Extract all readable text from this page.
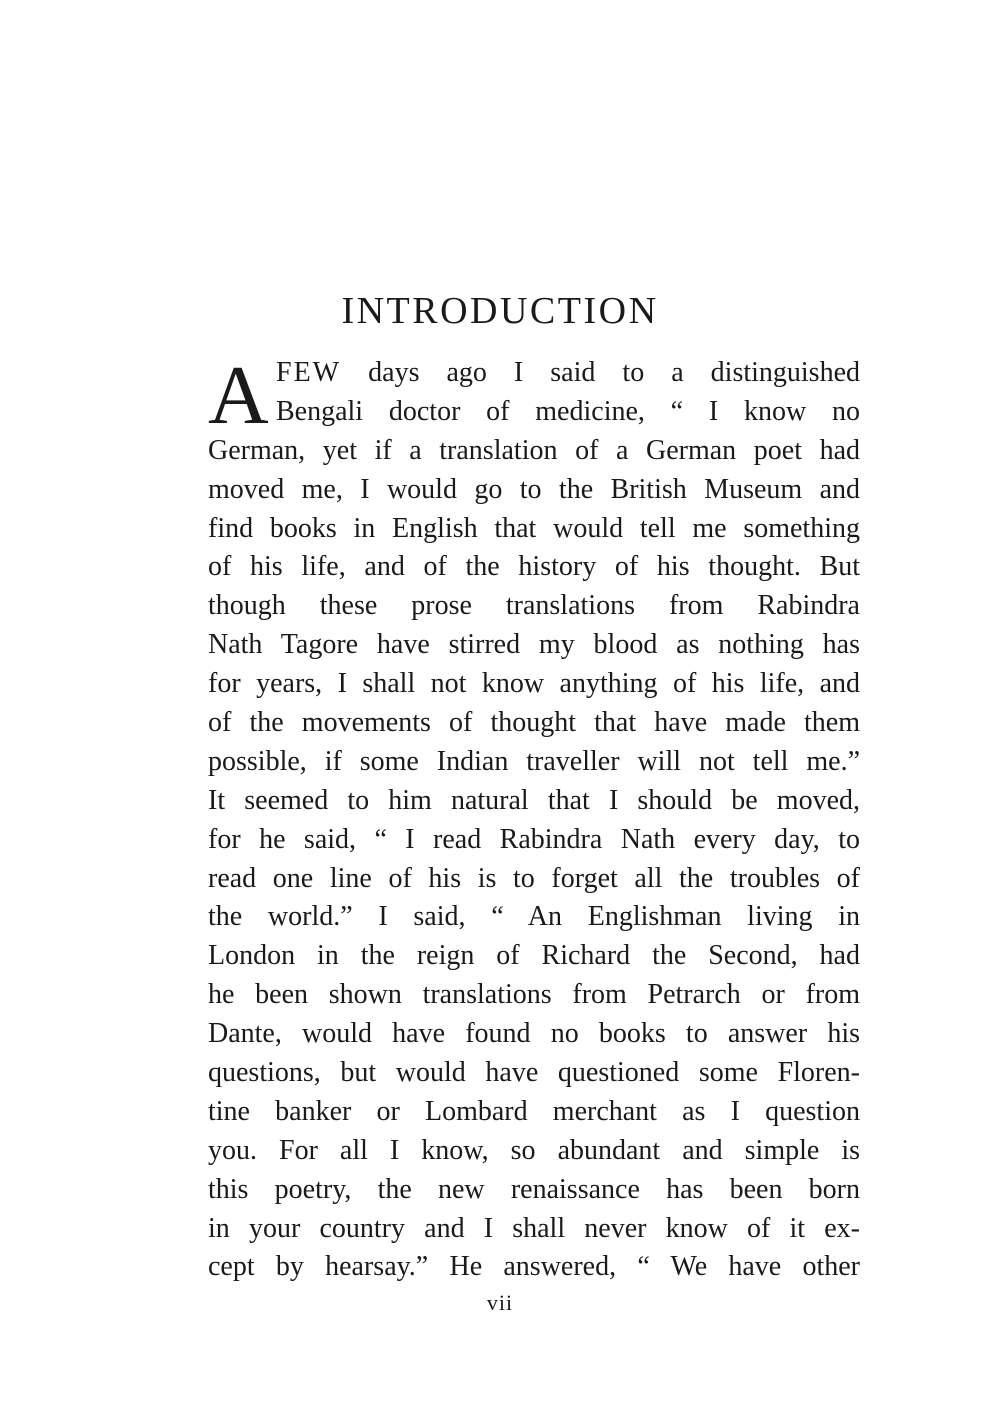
INTRODUCTION
A FEW days ago I said to a distinguished
Bengali doctor of medicine, “ I know no
German, yet if a translation of a German poet had
moved me, I would go to the British Museum and
find books in English that would tell me something
of his life, and of the history of his thought. But
though these prose translations from Rabindra
Nath Tagore have stirred my blood as nothing has
for years, I shall not know anything of his life, and
of the movements of thought that have made them
possible, if some Indian traveller will not tell me.”
It seemed to him natural that I should be moved,
for he said, “ I read Rabindra Nath every day, to
read one line of his is to forget all the troubles of
the world.” I said, “ An Englishman living in
London in the reign of Richard the Second, had
he been shown translations from Petrarch or from
Dante, would have found no books to answer his
questions, but would have questioned some Floren-
tine banker or Lombard merchant as I question
you. For all I know, so abundant and simple is
this poetry, the new renaissance has been born
in your country and I shall never know of it ex-
cept by hearsay.” He answered, “ We have other
vii
